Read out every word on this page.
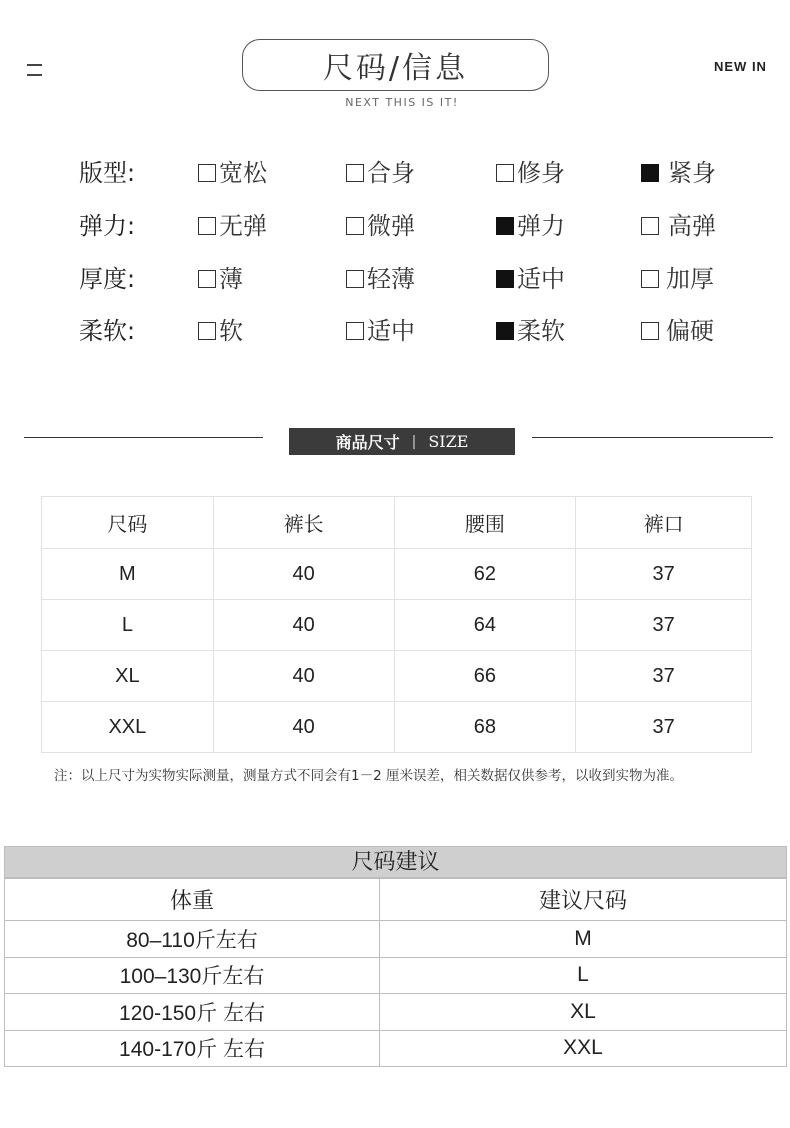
尺码/信息
NEXT THIS IS IT!
NEW IN
版型:	宽松	合身	修身	紧身
弹力:	无弹	微弹	弹力	高弹
厚度:	薄	轻薄	适中	加厚
柔软:	软	适中	柔软	偏硬
商品尺寸 | SIZE
尺码	裤长	腰围	裤口
M	40	62	37
L	40	64	37
XL	40	66	37
XXL	40	68	37
注：以上尺寸为实物实际测量，测量方式不同会有1－2 厘米误差，相关数据仅供参考，以收到实物为准。
尺码建议
体重	建议尺码
80–110斤左右	M
100–130斤左右	L
120-150斤 左右	XL
140-170斤 左右	XXL
